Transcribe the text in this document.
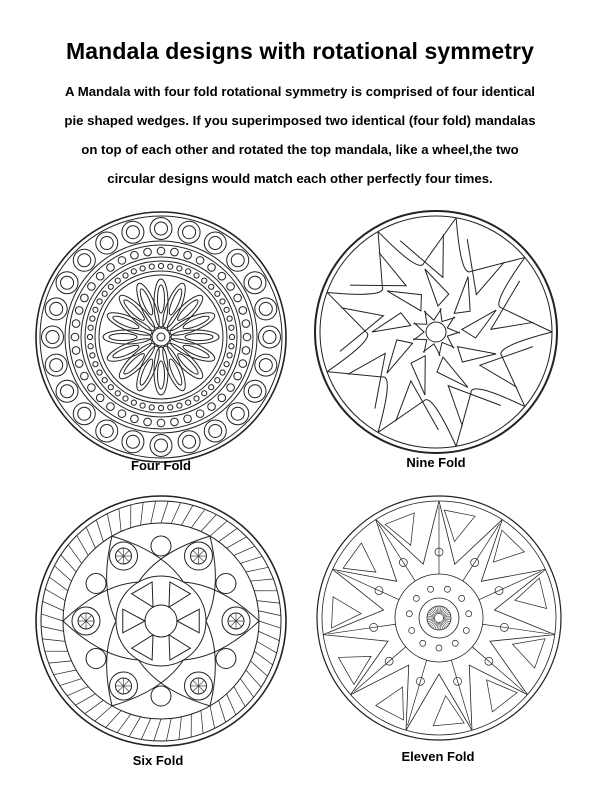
Mandala designs with rotational symmetry
A Mandala with four fold rotational symmetry is comprised of four identical
pie shaped wedges. If you superimposed two identical (four fold) mandalas
on top of each other and rotated the top mandala, like a wheel,the two
circular designs would match each other perfectly four times.
Four Fold	Nine Fold
Six Fold	Eleven Fold
